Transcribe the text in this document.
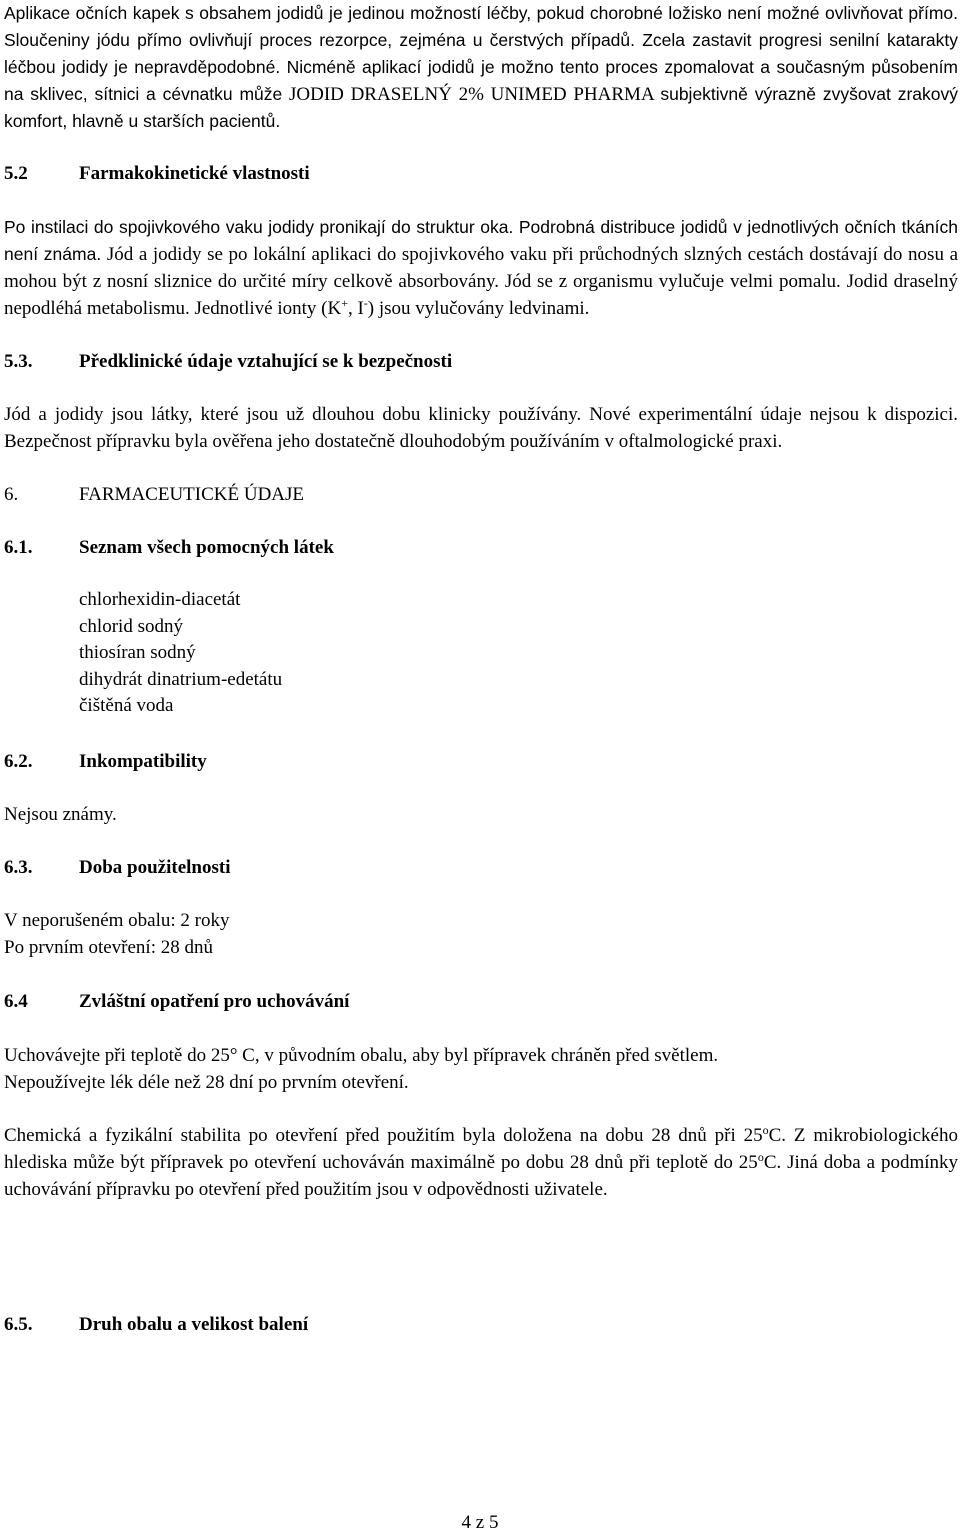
Aplikace očních kapek s obsahem jodidů je jedinou možností léčby, pokud chorobné ložisko není možné ovlivňovat přímo. Sloučeniny jódu přímo ovlivňují proces rezorpce, zejména u čerstvých případů. Zcela zastavit progresi senilní katarakty léčbou jodidy je nepravděpodobné. Nicméně aplikací jodidů je možno tento proces zpomalovat a současným působením na sklivec, sítnici a cévnatku může JODID DRASELNÝ 2% UNIMED PHARMA subjektivně výrazně zvyšovat zrakový komfort, hlavně u starších pacientů.

5.2	Farmakokinetické vlastnosti

Po instilaci do spojivkového vaku jodidy pronikají do struktur oka. Podrobná distribuce jodidů v jednotlivých očních tkáních není známa. Jód a jodidy se po lokální aplikaci do spojivkového vaku při průchodných slzných cestách dostávají do nosu a mohou být z nosní sliznice do určité míry celkově absorbovány. Jód se z organismu vylučuje velmi pomalu. Jodid draselný nepodléhá metabolismu. Jednotlivé ionty (K+, I-) jsou vylučovány ledvinami.

5.3.	Předklinické údaje vztahující se k bezpečnosti

Jód a jodidy jsou látky, které jsou už dlouhou dobu klinicky používány. Nové experimentální údaje nejsou k dispozici. Bezpečnost přípravku byla ověřena jeho dostatečně dlouhodobým používáním v oftalmologické praxi.

6.	FARMACEUTICKÉ ÚDAJE
6.1.	Seznam všech pomocných látek
chlorhexidin-diacetát
chlorid sodný
thiosíran sodný
dihydrát dinatrium-edetátu
čištěná voda
6.2.	Inkompatibility

Nejsou známy.

6.3.	Doba použitelnosti

V neporušeném obalu: 2 roky

Po prvním otevření: 28 dnů

6.4	Zvláštní opatření pro uchovávání

Uchovávejte při teplotě do 25° C, v původním obalu, aby byl přípravek chráněn před světlem.

Nepoužívejte lék déle než 28 dní po prvním otevření.

Chemická a fyzikální stabilita po otevření před použitím byla doložena na dobu 28 dnů při 25$^o$C. Z mikrobiologického hlediska může být přípravek po otevření uchováván maximálně po dobu 28 dnů při teplotě do 25$^o$C. Jiná doba a podmínky uchovávání přípravku po otevření před použitím jsou v odpovědnosti uživatele.

6.5.	Druh obalu a velikost balení
4 z 5
